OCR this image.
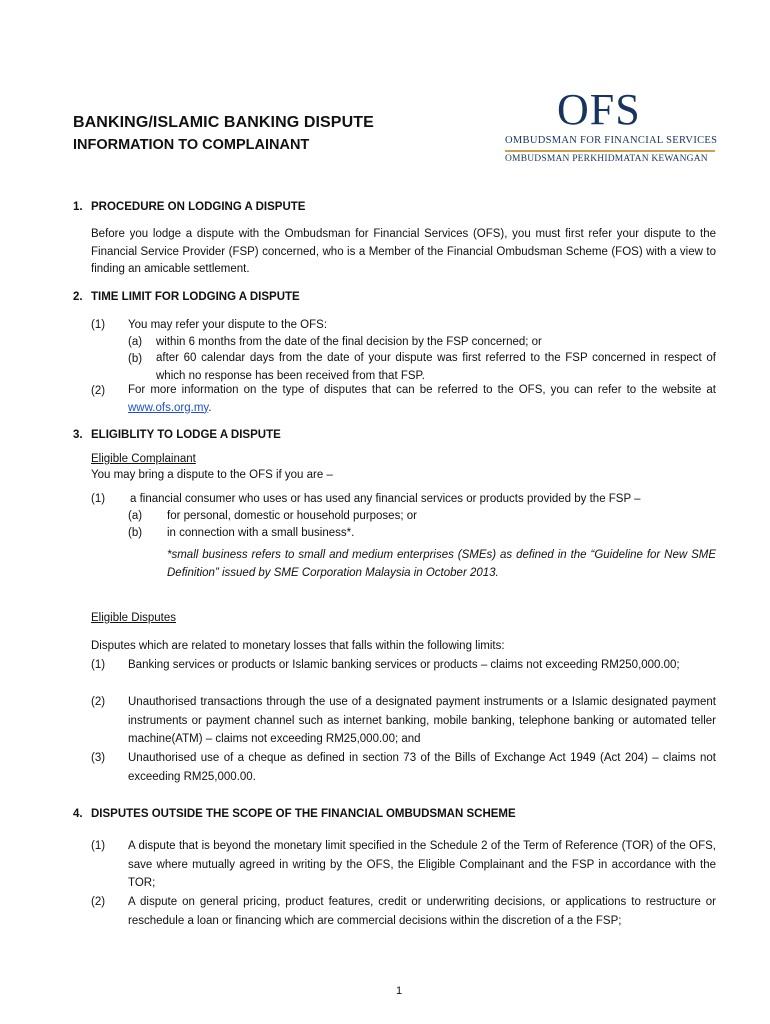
BANKING/ISLAMIC BANKING DISPUTE
INFORMATION TO COMPLAINANT
OFS
OMBUDSMAN FOR FINANCIAL SERVICES
OMBUDSMAN PERKHIDMATAN KEWANGAN
1. PROCEDURE ON LODGING A DISPUTE
Before you lodge a dispute with the Ombudsman for Financial Services (OFS), you must first refer your dispute to the Financial Service Provider (FSP) concerned, who is a Member of the Financial Ombudsman Scheme (FOS) with a view to finding an amicable settlement.
2. TIME LIMIT FOR LODGING A DISPUTE
(1) You may refer your dispute to the OFS:
(a) within 6 months from the date of the final decision by the FSP concerned; or
(b) after 60 calendar days from the date of your dispute was first referred to the FSP concerned in respect of which no response has been received from that FSP.
(2) For more information on the type of disputes that can be referred to the OFS, you can refer to the website at www.ofs.org.my.
3. ELIGIBLITY TO LODGE A DISPUTE
Eligible Complainant
You may bring a dispute to the OFS if you are –
(1) a financial consumer who uses or has used any financial services or products provided by the FSP –
(a) for personal, domestic or household purposes; or
(b) in connection with a small business*.
*small business refers to small and medium enterprises (SMEs) as defined in the “Guideline for New SME Definition” issued by SME Corporation Malaysia in October 2013.
Eligible Disputes
Disputes which are related to monetary losses that falls within the following limits:
(1) Banking services or products or Islamic banking services or products – claims not exceeding RM250,000.00;
(2) Unauthorised transactions through the use of a designated payment instruments or a Islamic designated payment instruments or payment channel such as internet banking, mobile banking, telephone banking or automated teller machine(ATM) – claims not exceeding RM25,000.00; and
(3) Unauthorised use of a cheque as defined in section 73 of the Bills of Exchange Act 1949 (Act 204) – claims not exceeding RM25,000.00.
4. DISPUTES OUTSIDE THE SCOPE OF THE FINANCIAL OMBUDSMAN SCHEME
(1) A dispute that is beyond the monetary limit specified in the Schedule 2 of the Term of Reference (TOR) of the OFS, save where mutually agreed in writing by the OFS, the Eligible Complainant and the FSP in accordance with the TOR;
(2) A dispute on general pricing, product features, credit or underwriting decisions, or applications to restructure or reschedule a loan or financing which are commercial decisions within the discretion of a the FSP;
1
